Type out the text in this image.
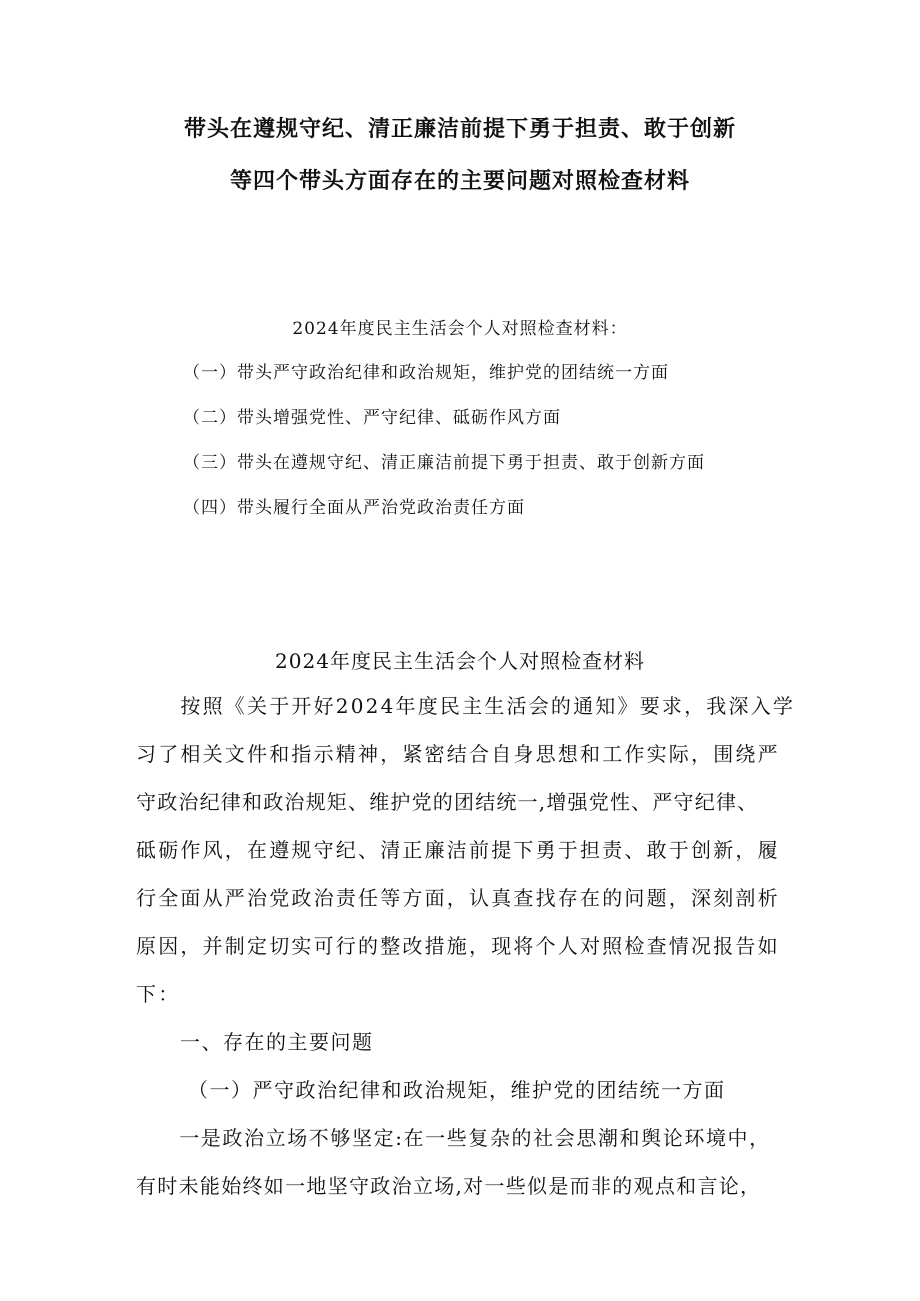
带头在遵规守纪、清正廉洁前提下勇于担责、敢于创新
等四个带头方面存在的主要问题对照检查材料
2024年度民主生活会个人对照检查材料：
（一）带头严守政治纪律和政治规矩，维护党的团结统一方面
（二）带头增强党性、严守纪律、砥砺作风方面
（三）带头在遵规守纪、清正廉洁前提下勇于担责、敢于创新方面
（四）带头履行全面从严治党政治责任方面
2024年度民主生活会个人对照检查材料
　　按照《关于开好2024年度民主生活会的通知》要求，我深入学
习了相关文件和指示精神，紧密结合自身思想和工作实际，围绕严
守政治纪律和政治规矩、维护党的团结统一,增强党性、严守纪律、
砥砺作风，在遵规守纪、清正廉洁前提下勇于担责、敢于创新，履
行全面从严治党政治责任等方面，认真查找存在的问题，深刻剖析
原因，并制定切实可行的整改措施，现将个人对照检查情况报告如
下：
一、存在的主要问题
（一）严守政治纪律和政治规矩，维护党的团结统一方面
　　一是政治立场不够坚定:在一些复杂的社会思潮和舆论环境中，
有时未能始终如一地坚守政治立场,对一些似是而非的观点和言论，
